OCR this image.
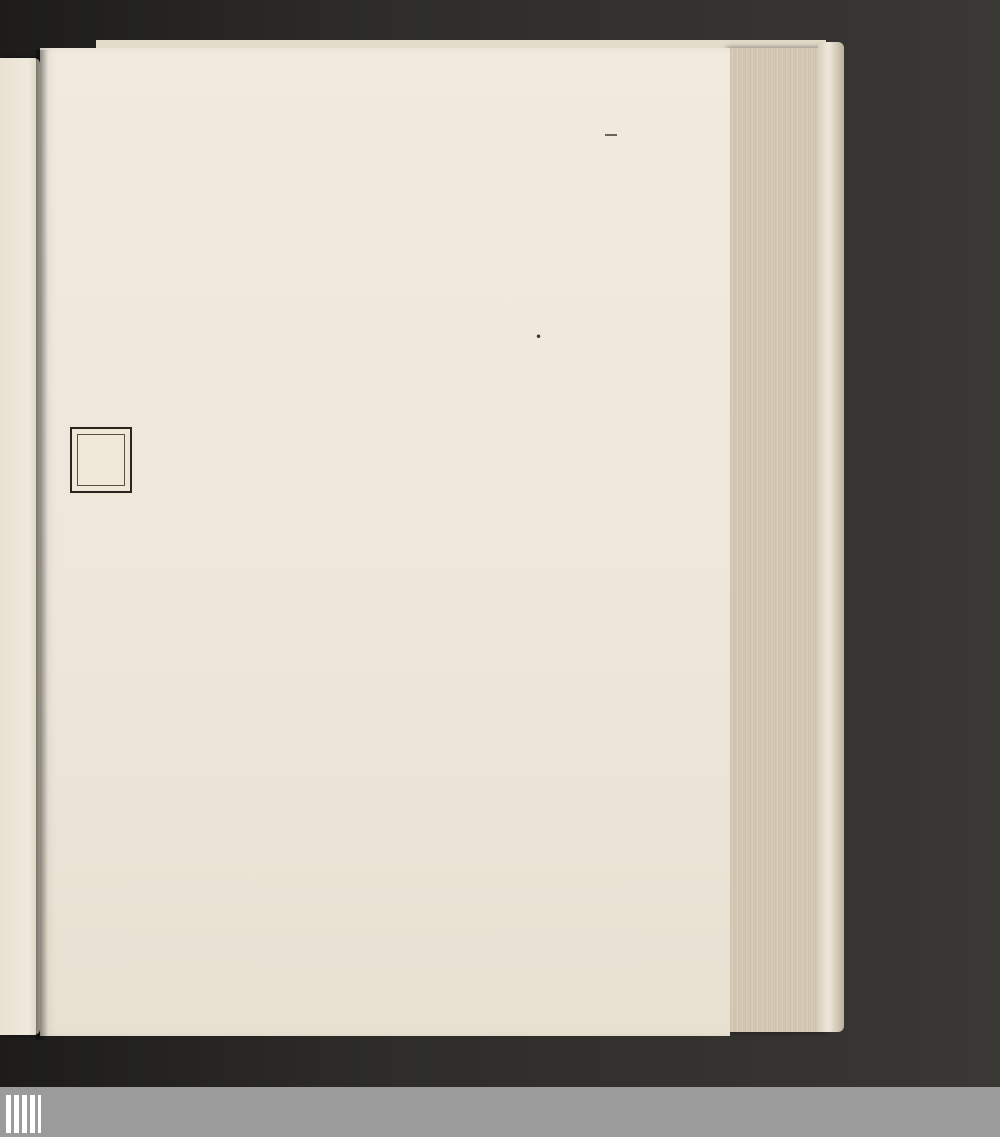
•
